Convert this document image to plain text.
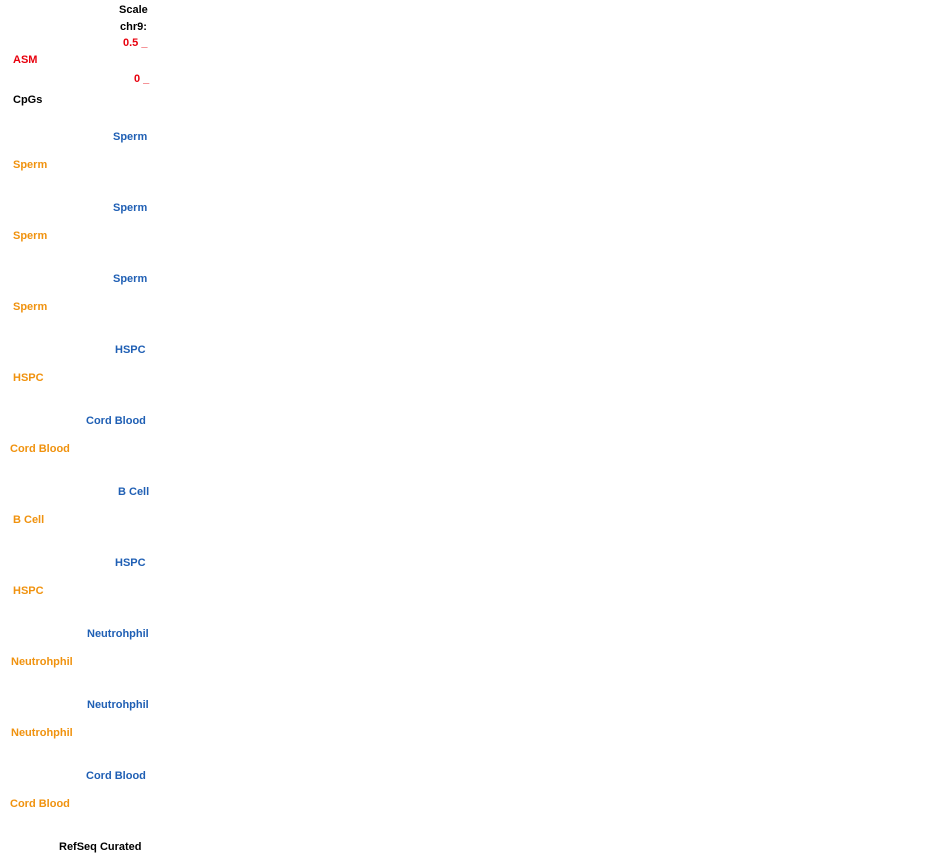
Scale
chr9:
0.5 _
0 _
ASM
CpGs
Sperm
Sperm
Sperm
Sperm
Sperm
Sperm
HSPC
HSPC
Cord Blood
Cord Blood
B Cell
B Cell
HSPC
HSPC
Neutrohphil
Neutrohphil
Neutrohphil
Neutrohphil
Cord Blood
Cord Blood
RefSeq Curated
